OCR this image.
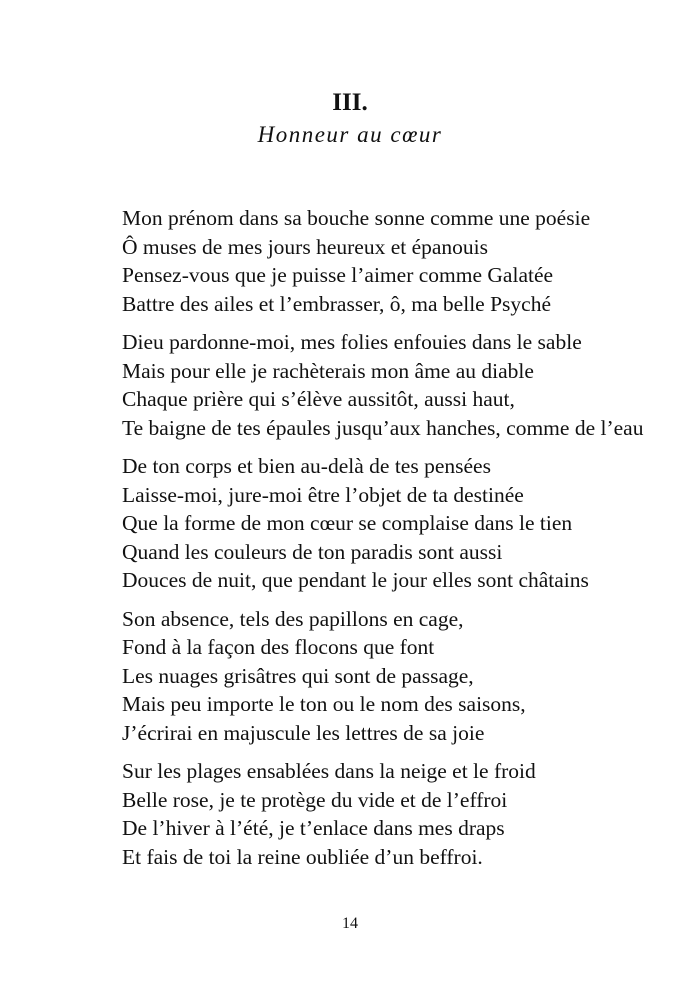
III.
Honneur au cœur
Mon prénom dans sa bouche sonne comme une poésie
Ô muses de mes jours heureux et épanouis
Pensez-vous que je puisse l’aimer comme Galatée
Battre des ailes et l’embrasser, ô, ma belle Psyché
Dieu pardonne-moi, mes folies enfouies dans le sable
Mais pour elle je rachèterais mon âme au diable
Chaque prière qui s’élève aussitôt, aussi haut,
Te baigne de tes épaules jusqu’aux hanches, comme de l’eau
De ton corps et bien au-delà de tes pensées
Laisse-moi, jure-moi être l’objet de ta destinée
Que la forme de mon cœur se complaise dans le tien
Quand les couleurs de ton paradis sont aussi
Douces de nuit, que pendant le jour elles sont châtains
Son absence, tels des papillons en cage,
Fond à la façon des flocons que font
Les nuages grisâtres qui sont de passage,
Mais peu importe le ton ou le nom des saisons,
J’écrirai en majuscule les lettres de sa joie
Sur les plages ensablées dans la neige et le froid
Belle rose, je te protège du vide et de l’effroi
De l’hiver à l’été, je t’enlace dans mes draps
Et fais de toi la reine oubliée d’un beffroi.
14
